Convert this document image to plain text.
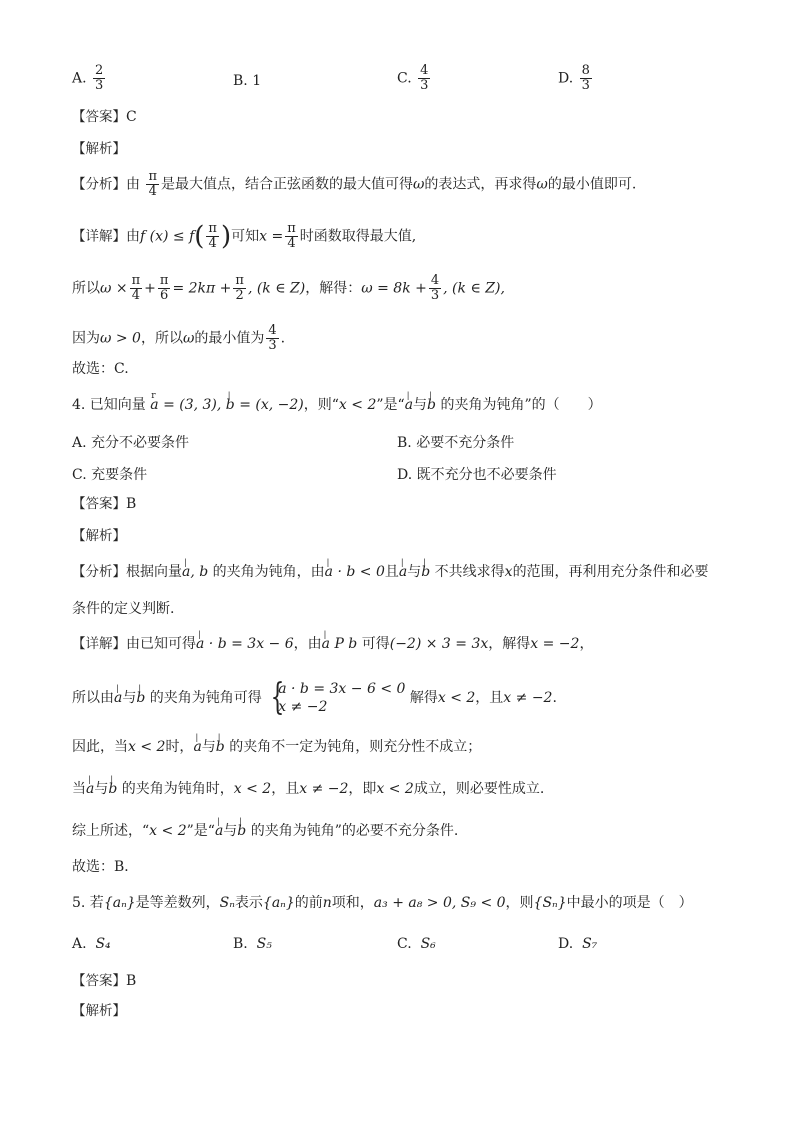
A. $\frac{2}{3}$	B. 1	C. $\frac{4}{3}$	D. $\frac{8}{3}$
【答案】C
【解析】
【分析】由 $\frac{\pi}{4}$ 是最大值点，结合正弦函数的最大值可得ω的表达式，再求得ω的最小值即可.
【详解】由f $(x) \le f( \frac{\pi}{4}$ )可知$x = \frac{\pi}{4}$ 时函数取得最大值,
所以$\omega \times \frac{\pi}{4} + \frac{\pi}{6} = 2k\pi + \frac{\pi}{2}$ , (k ∈ Z)，解得：$\omega = 8k + \frac{4}{3}$ , (k ∈ Z),
因为ω > 0，所以ω的最小值为 $\frac{4}{3}$ .
故选：C.
4. 已知向量 r a = (3, 3), | b = (x, −2)，则“x < 2”是“| a与| b 的夹角为钝角”的（　　）
A. 充分不必要条件	B. 必要不充分条件
C. 充要条件	D. 既不充分也不必要条件
【答案】B
【解析】
【分析】根据向量| a, b 的夹角为钝角，由| a · b < 0且| a与| b 不共线求得x的范围，再利用充分条件和必要
条件的定义判断.
【详解】由已知可得| a · b = 3x − 6，由| a P b 可得(−2) × 3 = 3x，解得x = −2，
所以由| a与| b 的夹角为钝角可得 {
a · b = 3x − 6 < 0
x ≠ −2
解得x < 2，且x ≠ −2.
因此，当x < 2时，| a与| b 的夹角不一定为钝角，则充分性不成立；
当| a与| b 的夹角为钝角时，x < 2，且x ≠ −2，即x < 2成立，则必要性成立.
综上所述，“x < 2”是“| a与| b 的夹角为钝角”的必要不充分条件.
故选：B．
5. 若{aₙ}是等差数列，Sₙ表示{aₙ}的前n项和，a₃ + a₈ > 0, S₉ < 0，则{Sₙ}中最小的项是（　）
A. S₄	B. S₅	C. S₆	D. S₇
【答案】B
【解析】
